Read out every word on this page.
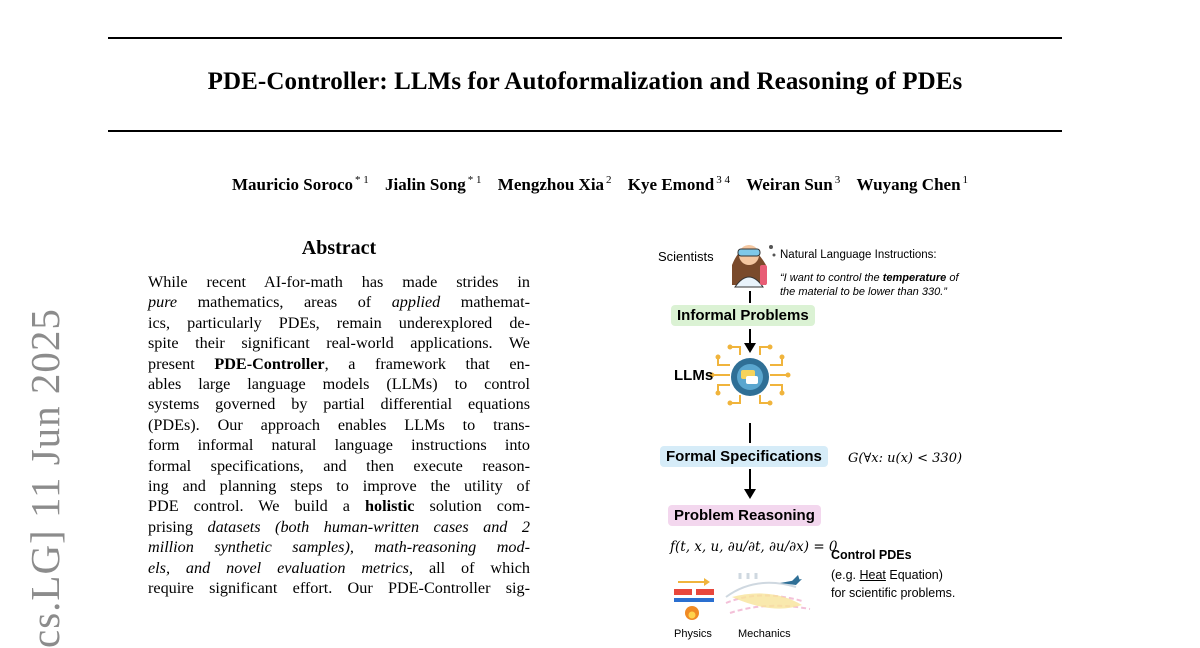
PDE-Controller: LLMs for Autoformalization and Reasoning of PDEs
Mauricio Soroco $^{* 1}$ Jialin Song $^{* 1}$ Mengzhou Xia $^2$ Kye Emond $^{3 4}$ Weiran Sun $^3$ Wuyang Chen $^1$
cs.LG] 11 Jun 2025
Abstract
While recent AI-for-math has made strides in
pure mathematics, areas of applied mathemat-
ics, particularly PDEs, remain underexplored de-
spite their significant real-world applications. We
present PDE-Controller, a framework that en-
ables large language models (LLMs) to control
systems governed by partial differential equations
(PDEs). Our approach enables LLMs to trans-
form informal natural language instructions into
formal specifications, and then execute reason-
ing and planning steps to improve the utility of
PDE control. We build a holistic solution com-
prising datasets (both human-written cases and 2
million synthetic samples), math-reasoning mod-
els, and novel evaluation metrics, all of which
require significant effort. Our PDE-Controller sig-
Scientists	Natural Language Instructions:
“I want to control the temperature of
the material to be lower than 330.”
Informal Problems
LLMs
Formal Specifications	G(∀x: u(x) < 330)
Problem Reasoning
f(t, x, u, ∂u/∂t, ∂u/∂x) = 0
Control PDEs
(e.g. Heat Equation)
for scientific problems.
Physics Mechanics
